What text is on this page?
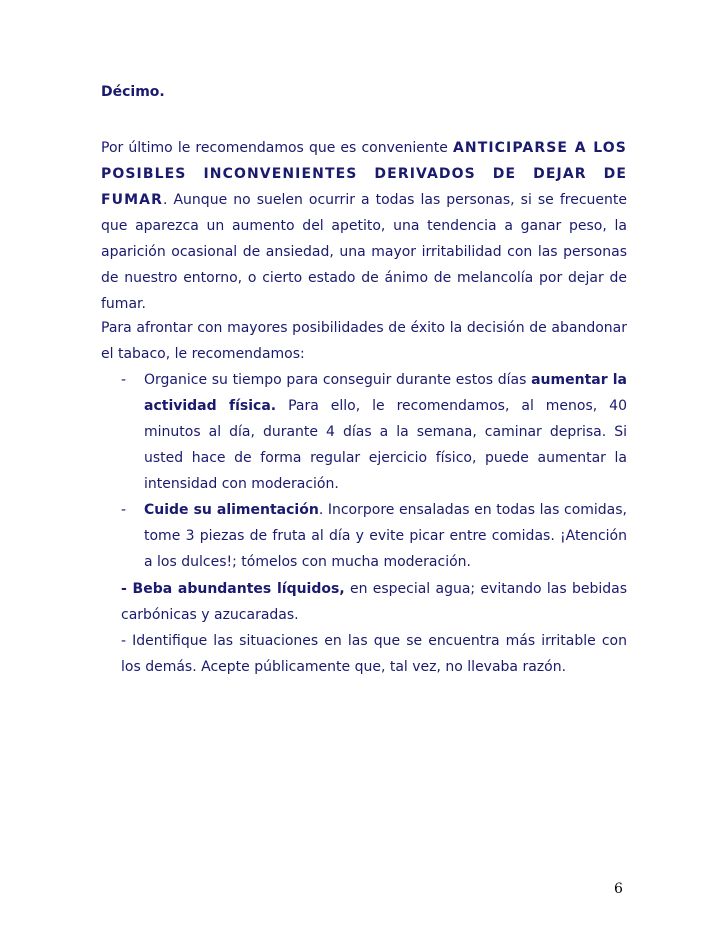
Décimo.
Por último le recomendamos que es conveniente ANTICIPARSE A LOS POSIBLES INCONVENIENTES DERIVADOS DE DEJAR DE FUMAR. Aunque no suelen ocurrir a todas las personas, si se frecuente que aparezca un aumento del apetito, una tendencia a ganar peso, la aparición ocasional de ansiedad, una mayor irritabilidad con las personas de nuestro entorno, o cierto estado de ánimo de melancolía por dejar de fumar.
Para afrontar con mayores posibilidades de éxito la decisión de abandonar el tabaco, le recomendamos:
-	Organice su tiempo para conseguir durante estos días aumentar la actividad física. Para ello, le recomendamos, al menos, 40 minutos al día, durante 4 días a la semana, caminar deprisa. Si usted hace de forma regular ejercicio físico, puede aumentar la intensidad con moderación.
-	Cuide su alimentación. Incorpore ensaladas en todas las comidas, tome 3 piezas de fruta al día y evite picar entre comidas. ¡Atención a los dulces!; tómelos con mucha moderación.
- Beba abundantes líquidos, en especial agua; evitando las bebidas carbónicas y azucaradas.
- Identifique las situaciones en las que se encuentra más irritable con los demás. Acepte públicamente que, tal vez, no llevaba razón.
6
